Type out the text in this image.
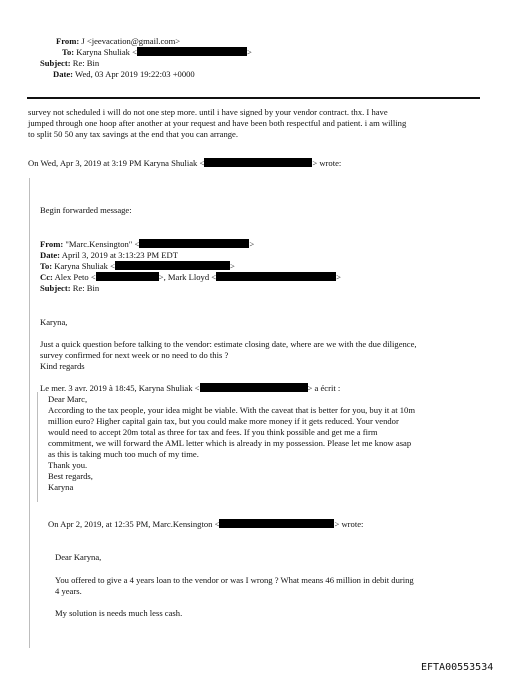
From: J <jeevacation@gmail.com>
To: Karyna Shuliak <	>
Subject: Re: Bin
Date: Wed, 03 Apr 2019 19:22:03 +0000
survey not scheduled i will do not one step more. until i have signed by your vendor contract. thx. I have
jumped through one hoop after another at your request and have been both respectful and patient. i am willing
to split 50 50 any tax savings at the end that you can arrange.
On Wed, Apr 3, 2019 at 3:19 PM Karyna Shuliak <	> wrote:
Begin forwarded message:
From: "Marc.Kensington" <	>
Date: April 3, 2019 at 3:13:23 PM EDT
To: Karyna Shuliak <	>
Cc: Alex Peto <	>, Mark Lloyd <	>
Subject: Re: Bin
Karyna,
Just a quick question before talking to the vendor: estimate closing date, where are we with the due diligence,
survey confirmed for next week or no need to do this ?
Kind regards
Le mer. 3 avr. 2019 à 18:45, Karyna Shuliak <	> a écrit :
Dear Marc,
According to the tax people, your idea might be viable. With the caveat that is better for you, buy it at 10m
million euro? Higher capital gain tax, but you could make more money if it gets reduced. Your vendor
would need to accept 20m total as three for tax and fees. If you think possible and get me a firm
commitment, we will forward the AML letter which is already in my possession. Please let me know asap
as this is taking much too much of my time.
Thank you.
Best regards,
Karyna
On Apr 2, 2019, at 12:35 PM, Marc.Kensington <	> wrote:
Dear Karyna,
You offered to give a 4 years loan to the vendor or was I wrong ? What means 46 million in debit during
4 years.
My solution is needs much less cash.
EFTA00553534
